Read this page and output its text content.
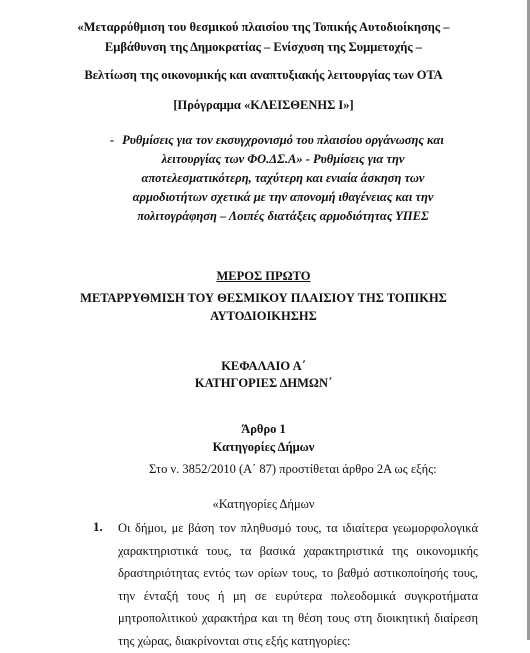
«Μεταρρύθμιση του θεσμικού πλαισίου της Τοπικής Αυτοδιοίκησης –
Εμβάθυνση της Δημοκρατίας – Ενίσχυση της Συμμετοχής –
Βελτίωση της οικονομικής και αναπτυξιακής λειτουργίας των ΟΤΑ
[Πρόγραμμα «ΚΛΕΙΣΘΕΝΗΣ Ι»]
- Ρυθμίσεις για τον εκσυγχρονισμό του πλαισίου οργάνωσης και
λειτουργίας των ΦΟ.ΔΣ.Α» - Ρυθμίσεις για την
αποτελεσματικότερη, ταχύτερη και ενιαία άσκηση των
αρμοδιοτήτων σχετικά με την απονομή ιθαγένειας και την
πολιτογράφηση – Λοιπές διατάξεις αρμοδιότητας ΥΠΕΣ
ΜΕΡΟΣ ΠΡΩΤΟ
ΜΕΤΑΡΡΥΘΜΙΣΗ ΤΟΥ ΘΕΣΜΙΚΟΥ ΠΛΑΙΣΙΟΥ ΤΗΣ ΤΟΠΙΚΗΣ
ΑΥΤΟΔΙΟΙΚΗΣΗΣ
ΚΕΦΑΛΑΙΟ Α΄
ΚΑΤΗΓΟΡΙΕΣ ΔΗΜΩΝ΄
Άρθρο 1
Κατηγορίες Δήμων
Στο ν. 3852/2010 (Α΄ 87) προστίθεται άρθρο 2Α ως εξής:
«Κατηγορίες Δήμων
1. Οι δήμοι, με βάση τον πληθυσμό τους, τα ιδιαίτερα γεωμορφολογικά
χαρακτηριστικά τους, τα βασικά χαρακτηριστικά της οικονομικής
δραστηριότητας εντός των ορίων τους, το βαθμό αστικοποίησής τους,
την ένταξή τους ή μη σε ευρύτερα πολεοδομικά συγκροτήματα
μητροπολιτικού χαρακτήρα και τη θέση τους στη διοικητική διαίρεση
της χώρας, διακρίνονται στις εξής κατηγορίες:
